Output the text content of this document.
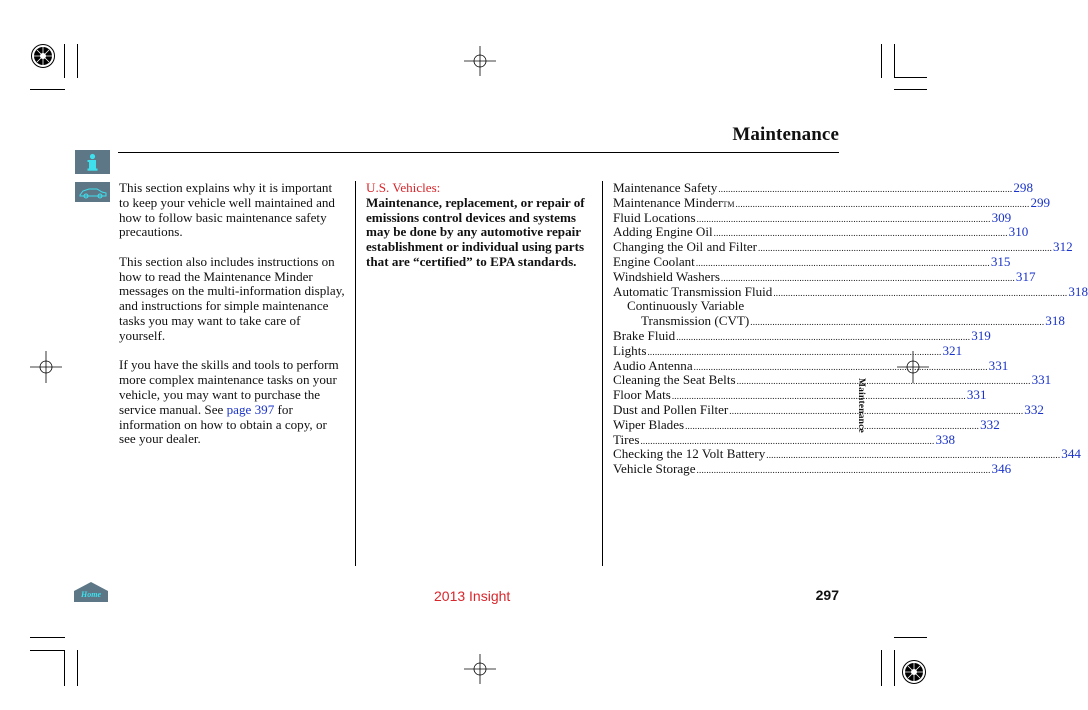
Maintenance

This section explains why it is important to keep your vehicle well maintained and how to follow basic maintenance safety precautions.

This section also includes instructions on how to read the Maintenance Minder messages on the multi-information display, and instructions for simple maintenance tasks you may want to take care of yourself.

If you have the skills and tools to perform more complex maintenance tasks on your vehicle, you may want to purchase the service manual. See page 397 for information on how to obtain a copy, or see your dealer.

U.S. Vehicles:
Maintenance, replacement, or repair of emissions control devices and systems may be done by any automotive repair establishment or individual using parts that are “certified” to EPA standards.
Maintenance Safety ........................................................................................................................ 298
Maintenance Minder TM ........................................................................................................................ 299
Fluid Locations ........................................................................................................................ 309
Adding Engine Oil ........................................................................................................................ 310
Changing the Oil and Filter ........................................................................................................................ 312
Engine Coolant ........................................................................................................................ 315
Windshield Washers ........................................................................................................................ 317
Automatic Transmission Fluid ........................................................................................................................ 318
Continuously Variable
Transmission (CVT) ........................................................................................................................ 318
Brake Fluid ........................................................................................................................ 319
Lights ........................................................................................................................ 321
Audio Antenna ........................................................................................................................ 331
Cleaning the Seat Belts ........................................................................................................................ 331
Floor Mats ........................................................................................................................ 331
Dust and Pollen Filter ........................................................................................................................ 332
Wiper Blades ........................................................................................................................ 332
Tires ........................................................................................................................ 338
Checking the 12 Volt Battery ........................................................................................................................ 344
Vehicle Storage ........................................................................................................................ 346
Maintenance
Home	2013 Insight	297
